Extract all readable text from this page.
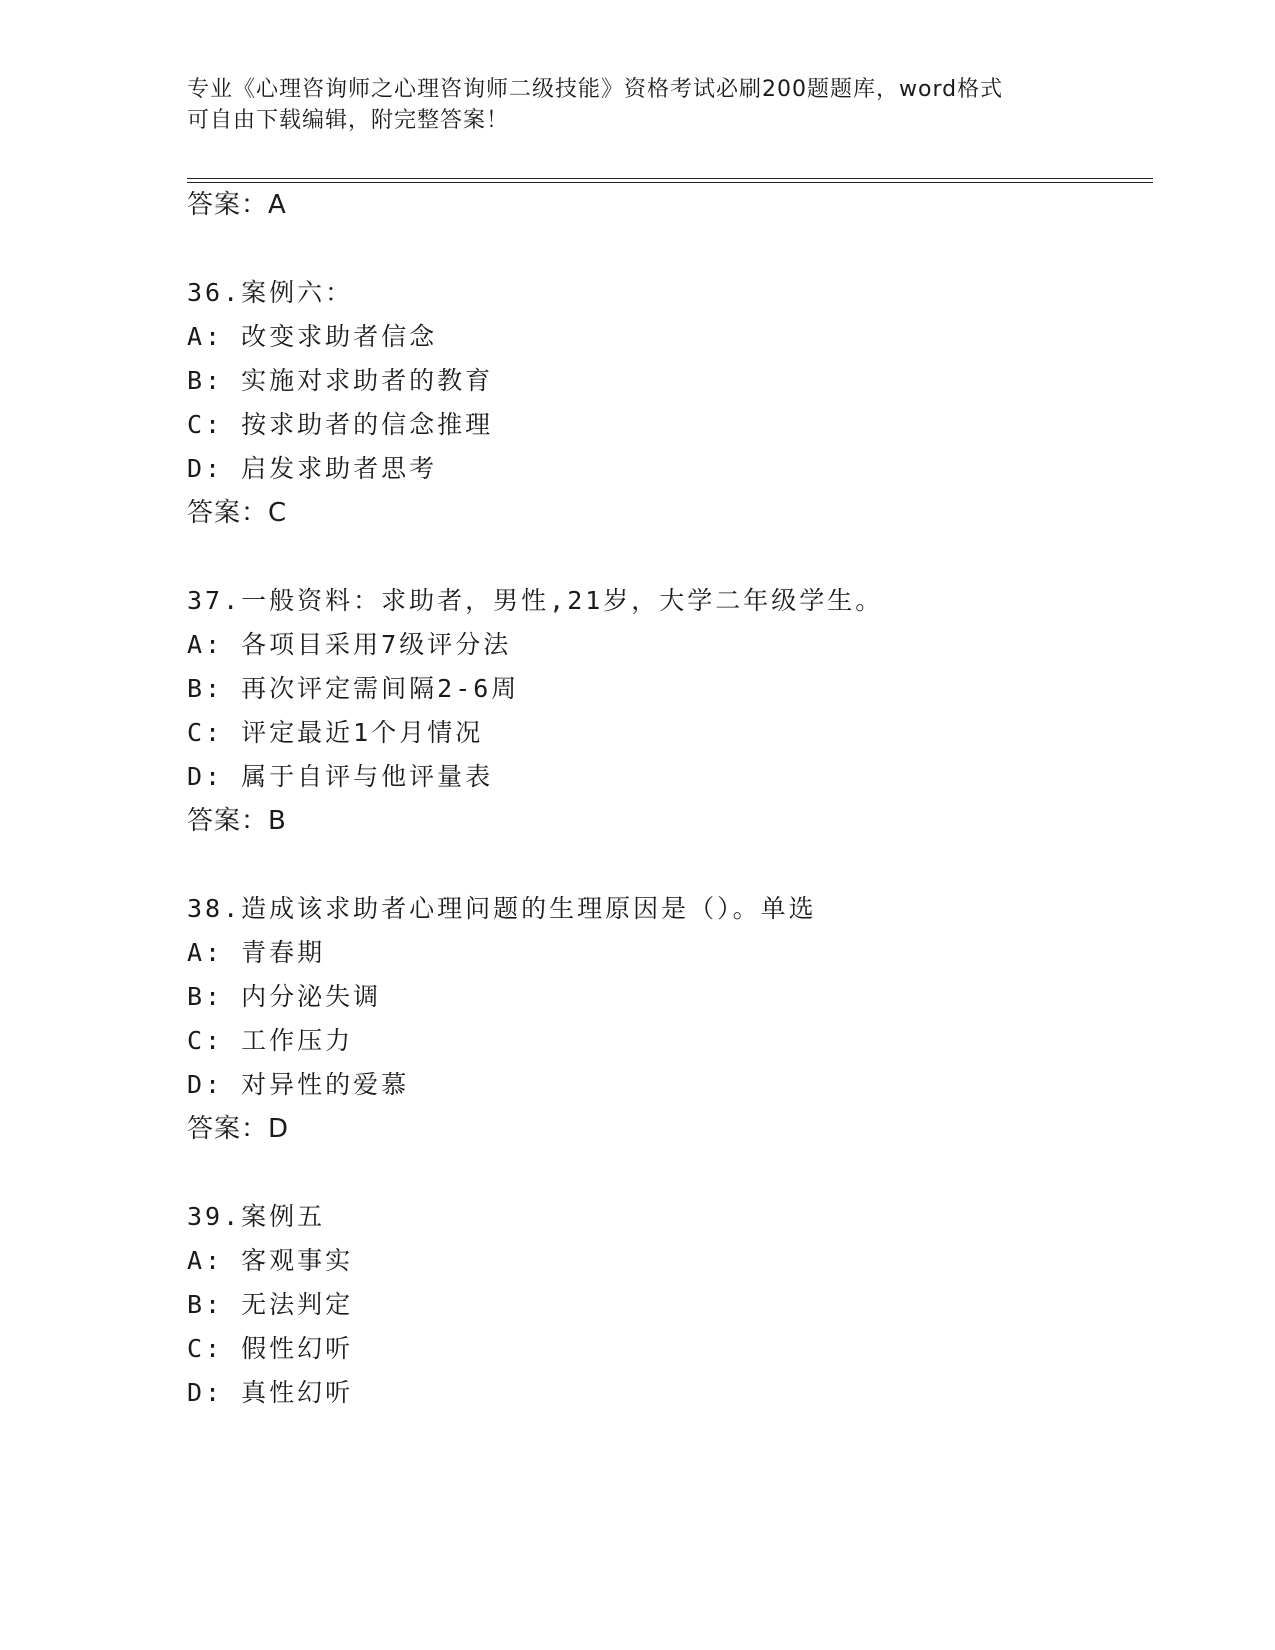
专业《心理咨询师之心理咨询师二级技能》资格考试必刷200题题库，word格式
可自由下载编辑，附完整答案！
答案：A
36.案例六：
A: 改变求助者信念
B: 实施对求助者的教育
C: 按求助者的信念推理
D: 启发求助者思考
答案：C
37.一般资料：求助者，男性,21岁，大学二年级学生。
A: 各项目采用7级评分法
B: 再次评定需间隔2-6周
C: 评定最近1个月情况
D: 属于自评与他评量表
答案：B
38.造成该求助者心理问题的生理原因是（）。单选
A: 青春期
B: 内分泌失调
C: 工作压力
D: 对异性的爱慕
答案：D
39.案例五
A: 客观事实
B: 无法判定
C: 假性幻听
D: 真性幻听
